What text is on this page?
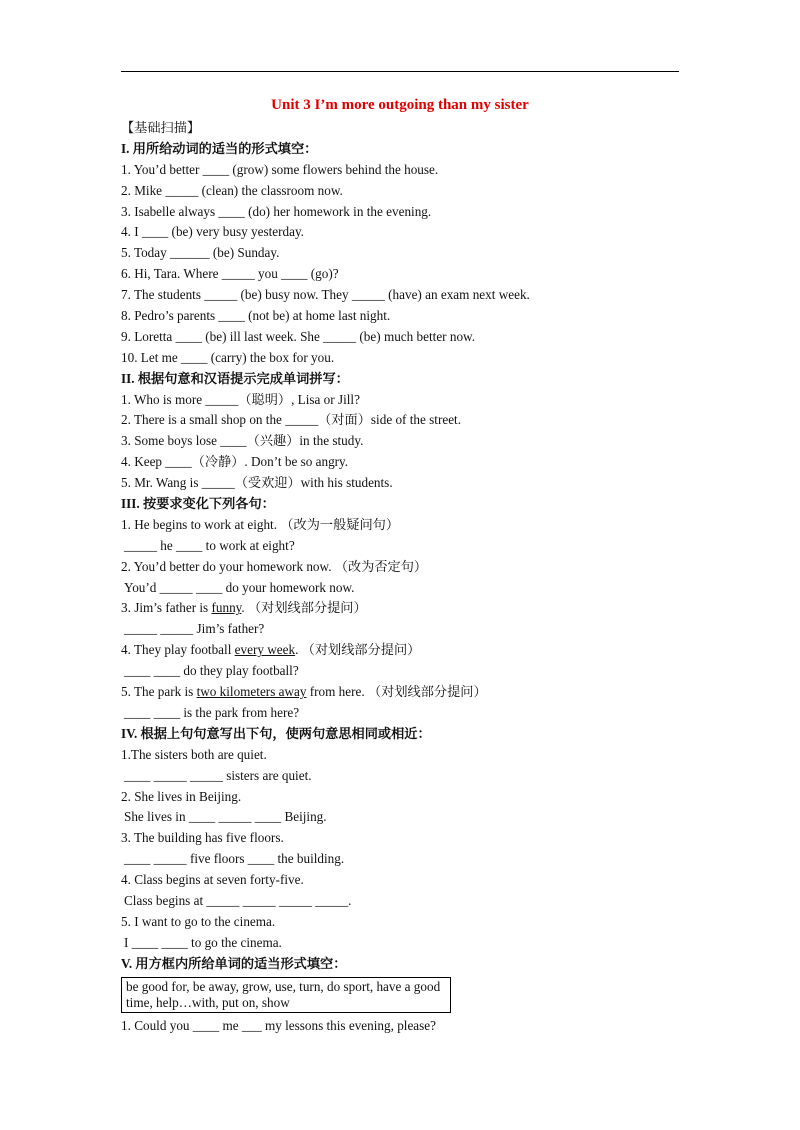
Unit 3 I’m more outgoing than my sister
【基础扫描】
I. 用所给动词的适当的形式填空：
1. You’d better ____ (grow) some flowers behind the house.
2. Mike _____ (clean) the classroom now.
3. Isabelle always ____ (do) her homework in the evening.
4. I ____ (be) very busy yesterday.
5. Today ______ (be) Sunday.
6. Hi, Tara. Where _____ you ____ (go)?
7. The students _____ (be) busy now. They _____ (have) an exam next week.
8. Pedro’s parents ____ (not be) at home last night.
9. Loretta ____ (be) ill last week. She _____ (be) much better now.
10. Let me ____ (carry) the box for you.
II. 根据句意和汉语提示完成单词拼写：
1. Who is more _____（聪明）, Lisa or Jill?
2. There is a small shop on the _____（对面）side of the street.
3. Some boys lose ____（兴趣）in the study.
4. Keep ____（冷静）. Don’t be so angry.
5. Mr. Wang is _____（受欢迎）with his students.
III. 按要求变化下列各句：
1. He begins to work at eight. （改为一般疑问句）
_____ he ____ to work at eight?
2. You’d better do your homework now. （改为否定句）
You’d _____ ____ do your homework now.
3. Jim’s father is funny. （对划线部分提问）
_____ _____ Jim’s father?
4. They play football every week. （对划线部分提问）
____ ____ do they play football?
5. The park is two kilometers away from here. （对划线部分提问）
____ ____ is the park from here?
IV. 根据上句句意写出下句，使两句意思相同或相近：
1.The sisters both are quiet.
____ _____ _____ sisters are quiet.
2. She lives in Beijing.
She lives in ____ _____ ____ Beijing.
3. The building has five floors.
____ _____ five floors ____ the building.
4. Class begins at seven forty-five.
Class begins at _____ _____ _____ _____.
5. I want to go to the cinema.
I ____ ____ to go the cinema.
V. 用方框内所给单词的适当形式填空：
be good for, be away, grow, use, turn, do sport, have a good time, help…with, put on, show
1. Could you ____ me ___ my lessons this evening, please?
